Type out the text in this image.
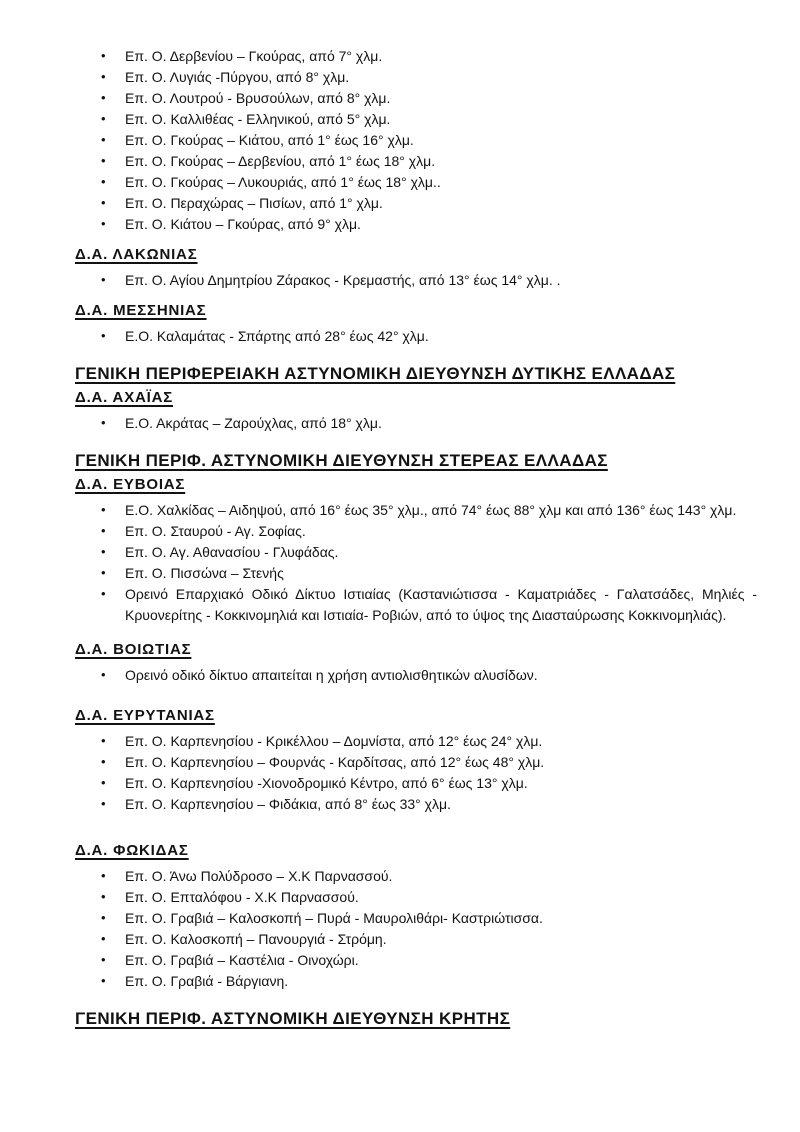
• Επ. Ο. Δερβενίου – Γκούρας, από 7° χλμ.
• Επ. Ο. Λυγιάς -Πύργου, από 8° χλμ.
• Επ. Ο. Λουτρού - Βρυσούλων, από 8° χλμ.
• Επ. Ο. Καλλιθέας - Ελληνικού, από 5° χλμ.
• Επ. Ο. Γκούρας – Κιάτου, από 1° έως 16° χλμ.
• Επ. Ο. Γκούρας – Δερβενίου, από 1° έως 18° χλμ.
• Επ. Ο. Γκούρας – Λυκουριάς, από 1° έως 18° χλμ..
• Επ. Ο. Περαχώρας – Πισίων, από 1° χλμ.
• Επ. Ο. Κιάτου – Γκούρας, από 9° χλμ.
Δ.Α. ΛΑΚΩΝΙΑΣ
• Επ. Ο. Αγίου Δημητρίου Ζάρακος - Κρεμαστής, από 13° έως 14° χλμ. .
Δ.Α. ΜΕΣΣΗΝΙΑΣ
• Ε.Ο. Καλαμάτας - Σπάρτης από 28° έως 42° χλμ.
ΓΕΝΙΚΗ ΠΕΡΙΦΕΡΕΙΑΚΗ ΑΣΤΥΝΟΜΙΚΗ ΔΙΕΥΘΥΝΣΗ ΔΥΤΙΚΗΣ ΕΛΛΑΔΑΣ
Δ.Α. ΑΧΑΪΑΣ
• Ε.Ο. Ακράτας – Ζαρούχλας, από 18° χλμ.
ΓΕΝΙΚΗ ΠΕΡΙΦ. ΑΣΤΥΝΟΜΙΚΗ ΔΙΕΥΘΥΝΣΗ ΣΤΕΡΕΑΣ ΕΛΛΑΔΑΣ
Δ.Α. ΕΥΒΟΙΑΣ
• Ε.Ο. Χαλκίδας – Αιδηψού, από 16° έως 35° χλμ., από 74° έως 88° χλμ και από 136° έως 143° χλμ.
• Επ. Ο. Σταυρού - Αγ. Σοφίας.
• Επ. Ο. Αγ. Αθανασίου - Γλυφάδας.
• Επ. Ο. Πισσώνα – Στενής
• Ορεινό Επαρχιακό Οδικό Δίκτυο Ιστιαίας (Καστανιώτισσα - Καματριάδες - Γαλατσάδες, Μηλιές - Κρυονερίτης - Κοκκινομηλιά και Ιστιαία- Ροβιών, από το ύψος της Διασταύρωσης Κοκκινομηλιάς).
Δ.Α. ΒΟΙΩΤΙΑΣ
• Ορεινό οδικό δίκτυο απαιτείται η χρήση αντιολισθητικών αλυσίδων.
Δ.Α. ΕΥΡΥΤΑΝΙΑΣ
• Επ. Ο. Καρπενησίου - Κρικέλλου – Δομνίστα, από 12° έως 24° χλμ.
• Επ. Ο. Καρπενησίου – Φουρνάς - Καρδίτσας, από 12° έως 48° χλμ.
• Επ. Ο. Καρπενησίου -Χιονοδρομικό Κέντρο, από 6° έως 13° χλμ.
• Επ. Ο. Καρπενησίου – Φιδάκια, από 8° έως 33° χλμ.
Δ.Α. ΦΩΚΙΔΑΣ
• Επ. Ο. Άνω Πολύδροσο – Χ.Κ Παρνασσού.
• Επ. Ο. Επταλόφου - Χ.Κ Παρνασσού.
• Επ. Ο. Γραβιά – Καλοσκοπή – Πυρά - Μαυρολιθάρι- Καστριώτισσα.
• Επ. Ο. Καλοσκοπή – Πανουργιά - Στρόμη.
• Επ. Ο. Γραβιά – Καστέλια - Οινοχώρι.
• Επ. Ο. Γραβιά - Βάργιανη.
ΓΕΝΙΚΗ ΠΕΡΙΦ. ΑΣΤΥΝΟΜΙΚΗ ΔΙΕΥΘΥΝΣΗ ΚΡΗΤΗΣ
